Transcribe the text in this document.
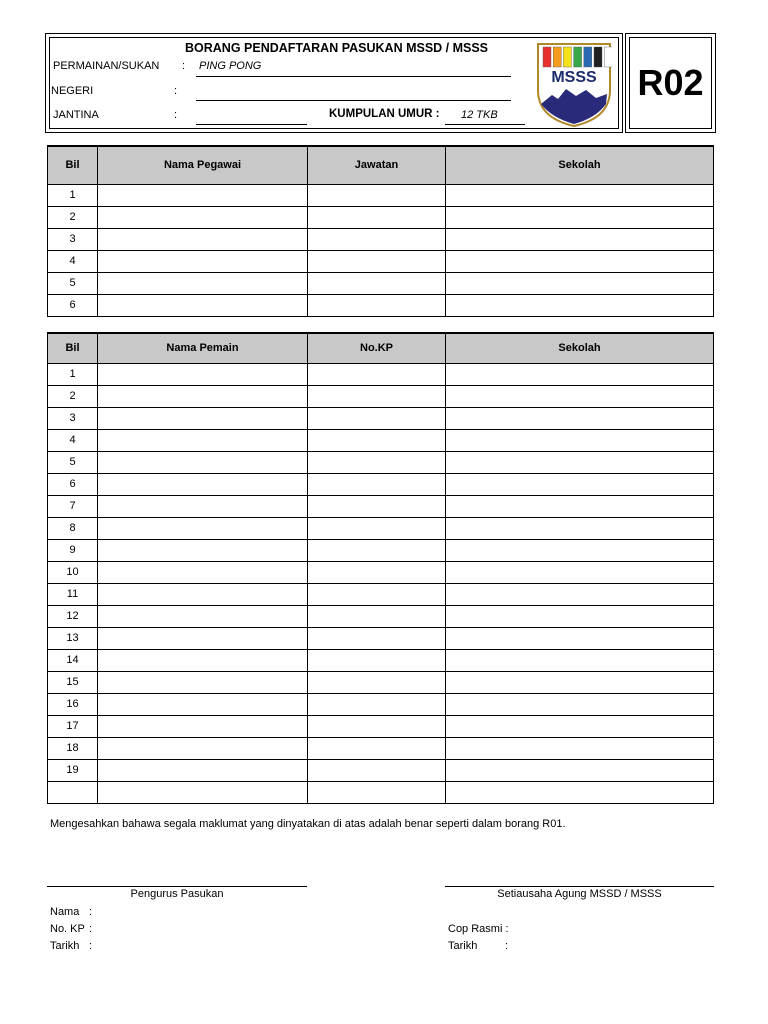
R02
BORANG PENDAFTARAN PASUKAN MSSD / MSSS
PERMAINAN/SUKAN : PING PONG
NEGERI	:
JANTINA	:	KUMPULAN UMUR : 12 TKB
MSSS
Bil	Nama Pegawai	Jawatan	Sekolah
1			
2			
3			
4			
5			
6			
Bil	Nama Pemain	No.KP	Sekolah
1			
2			
3			
4			
5			
6			
7			
8			
9			
10			
11			
12			
13			
14			
15			
16			
17			
18			
19			

Mengesahkan bahawa segala maklumat yang dinyatakan di atas adalah benar seperti dalam borang R01.
Pengurus Pasukan	Setiausaha Agung MSSD / MSSS
Nama :
No. KP :
Tarikh :
Cop Rasmi :
Tarikh	:
